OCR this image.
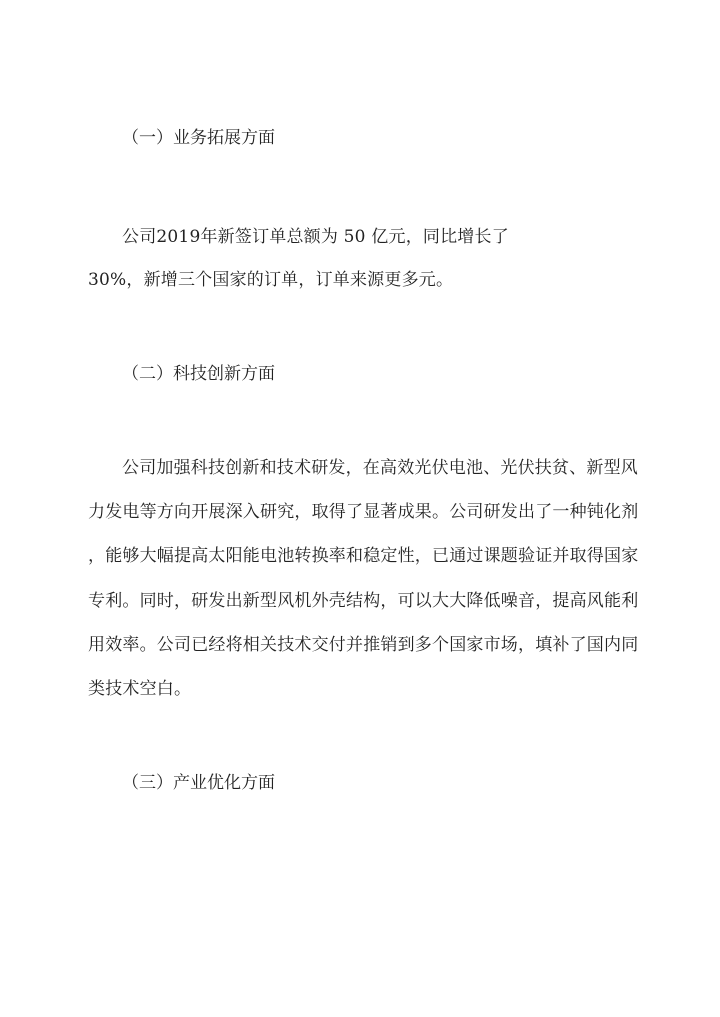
（一）业务拓展方面
公司2019年新签订单总额为 50 亿元，同比增长了
30%，新增三个国家的订单，订单来源更多元。
（二）科技创新方面
公司加强科技创新和技术研发，在高效光伏电池、光伏扶贫、新型风
力发电等方向开展深入研究，取得了显著成果。公司研发出了一种钝化剂
，能够大幅提高太阳能电池转换率和稳定性，已通过课题验证并取得国家
专利。同时，研发出新型风机外壳结构，可以大大降低噪音，提高风能利
用效率。公司已经将相关技术交付并推销到多个国家市场，填补了国内同
类技术空白。
（三）产业优化方面
